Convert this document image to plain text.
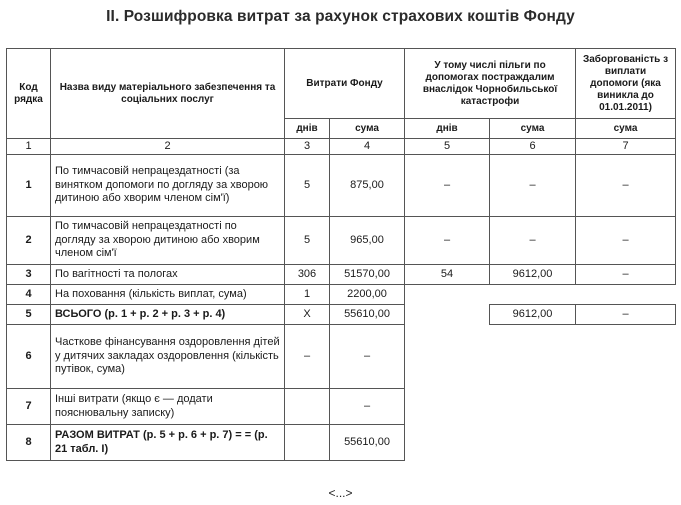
II. Розшифровка витрат за рахунок страхових коштів Фонду
Код рядка	Назва виду матеріального забезпечення та соціальних послуг	Витрати Фонду		У тому числі пільги по допомогах постраждалим внаслідок Чорнобильської катастрофи		Заборгованість з виплати допомоги (яка виникла до 01.01.2011)
		днів	сума	днів	сума	сума
1	2	3	4	5	6	7
1	По тимчасовій непрацездатності (за винятком допомоги по догляду за хворою дитиною або хворим членом сім'ї)	5	875,00	–	–	–
2	По тимчасовій непрацездатності по догляду за хворою дитиною або хворим членом сім'ї	5	965,00	–	–	–
3	По вагітності та пологах	306	51570,00	54	9612,00	–
4	На поховання (кількість виплат, сума)	1	2200,00			
5	ВСЬОГО (р. 1 + р. 2 + р. 3 + р. 4)	X	55610,00		9612,00	–
6	Часткове фінансування оздоровлення дітей у дитячих закладах оздоровлення (кількість путівок, сума)	–	–			
7	Інші витрати (якщо є — додати пояснювальну записку)		–			
8	РАЗОМ ВИТРАТ (р. 5 + р. 6 + р. 7) = = (р. 21 табл. I)		55610,00			
<...>
